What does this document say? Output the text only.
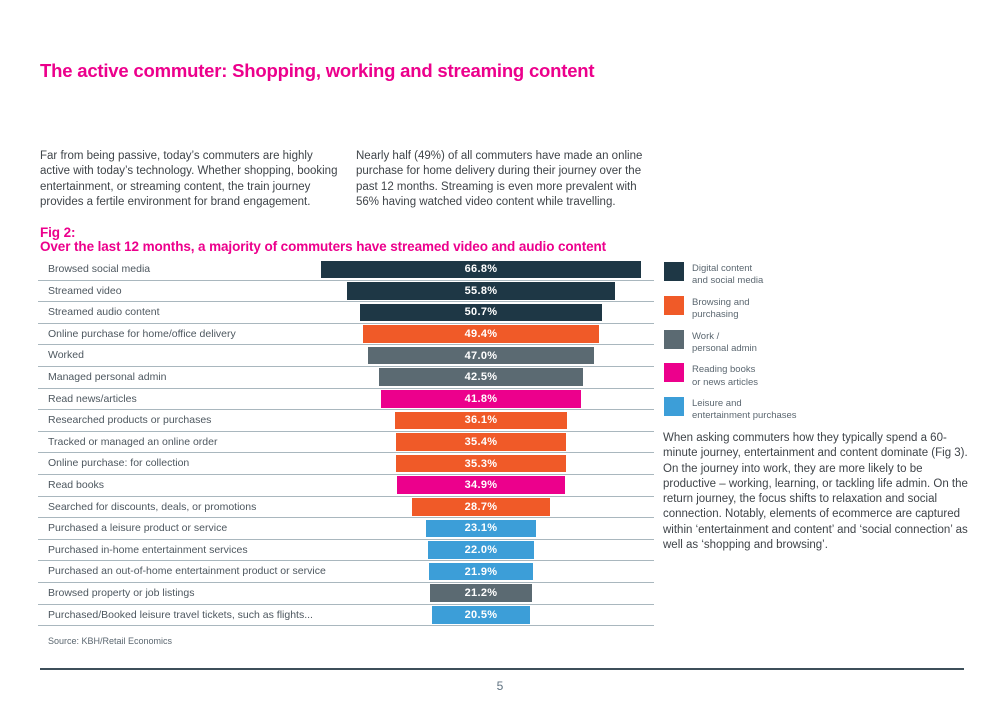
The active commuter: Shopping, working and streaming content

Far from being passive, today’s commuters are highly active with today’s technology. Whether shopping, booking entertainment, or streaming content, the train journey provides a fertile environment for brand engagement.

Nearly half (49%) of all commuters have made an online purchase for home delivery during their journey over the past 12 months. Streaming is even more prevalent with 56% having watched video content while travelling.

Fig 2:
Over the last 12 months, a majority of commuters have streamed video and audio content
Browsed social media	66.8%
Streamed video	55.8%
Streamed audio content	50.7%
Online purchase for home/office delivery	49.4%
Worked	47.0%
Managed personal admin	42.5%
Read news/articles	41.8%
Researched products or purchases	36.1%
Tracked or managed an online order	35.4%
Online purchase: for collection	35.3%
Read books	34.9%
Searched for discounts, deals, or promotions	28.7%
Purchased a leisure product or service	23.1%
Purchased in-home entertainment services	22.0%
Purchased an out-of-home entertainment product or service	21.9%
Browsed property or job listings	21.2%
Purchased/Booked leisure travel tickets, such as flights...	20.5%
Digital content
and social media
Browsing and
purchasing
Work /
personal admin
Reading books
or news articles
Leisure and
entertainment purchases

When asking commuters how they typically spend a 60-minute journey, entertainment and content dominate (Fig 3). On the journey into work, they are more likely to be productive – working, learning, or tackling life admin. On the return journey, the focus shifts to relaxation and social connection. Notably, elements of ecommerce are captured within ‘entertainment and content’ and ‘social connection’ as well as ‘shopping and browsing’.

Source: KBH/Retail Economics
5
